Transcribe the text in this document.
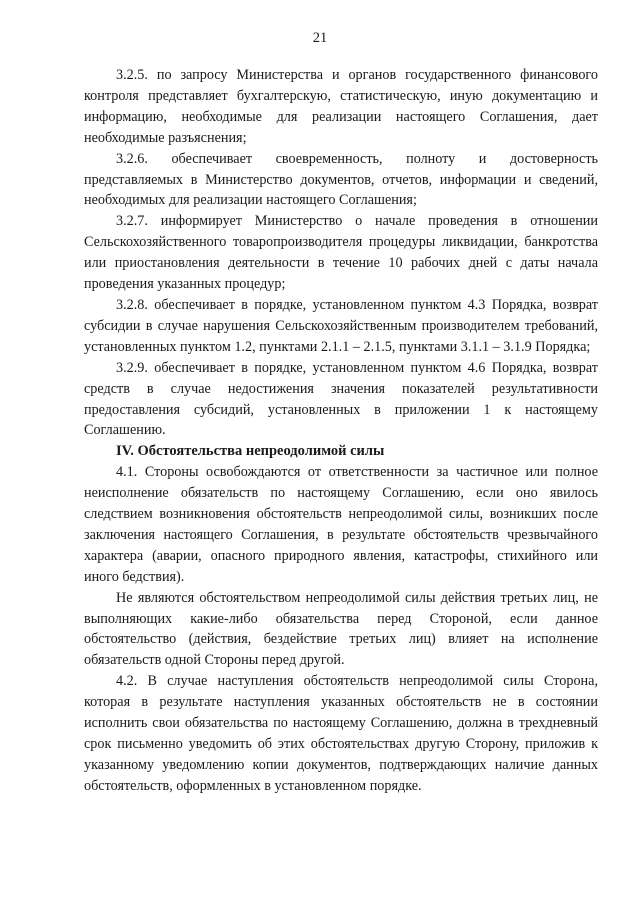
21

3.2.5. по запросу Министерства и органов государственного финансового контроля представляет бухгалтерскую, статистическую, иную документацию и информацию, необходимые для реализации настоящего Соглашения, дает необходимые разъяснения;

3.2.6. обеспечивает своевременность, полноту и достоверность представляемых в Министерство документов, отчетов, информации и сведений, необходимых для реализации настоящего Соглашения;

3.2.7. информирует Министерство о начале проведения в отношении Сельскохозяйственного товаропроизводителя процедуры ликвидации, банкротства или приостановления деятельности в течение 10 рабочих дней с даты начала проведения указанных процедур;

3.2.8. обеспечивает в порядке, установленном пунктом 4.3 Порядка, возврат субсидии в случае нарушения Сельскохозяйственным производителем требований, установленных пунктом 1.2, пунктами 2.1.1 – 2.1.5, пунктами 3.1.1 – 3.1.9 Порядка;

3.2.9. обеспечивает в порядке, установленном пунктом 4.6 Порядка, возврат средств в случае недостижения значения показателей результативности предоставления субсидий, установленных в приложении 1 к настоящему Соглашению.

IV. Обстоятельства непреодолимой силы

4.1. Стороны освобождаются от ответственности за частичное или полное неисполнение обязательств по настоящему Соглашению, если оно явилось следствием возникновения обстоятельств непреодолимой силы, возникших после заключения настоящего Соглашения, в результате обстоятельств чрезвычайного характера (аварии, опасного природного явления, катастрофы, стихийного или иного бедствия).

Не являются обстоятельством непреодолимой силы действия третьих лиц, не выполняющих какие-либо обязательства перед Стороной, если данное обстоятельство (действия, бездействие третьих лиц) влияет на исполнение обязательств одной Стороны перед другой.

4.2. В случае наступления обстоятельств непреодолимой силы Сторона, которая в результате наступления указанных обстоятельств не в состоянии исполнить свои обязательства по настоящему Соглашению, должна в трехдневный срок письменно уведомить об этих обстоятельствах другую Сторону, приложив к указанному уведомлению копии документов, подтверждающих наличие данных обстоятельств, оформленных в установленном порядке.
